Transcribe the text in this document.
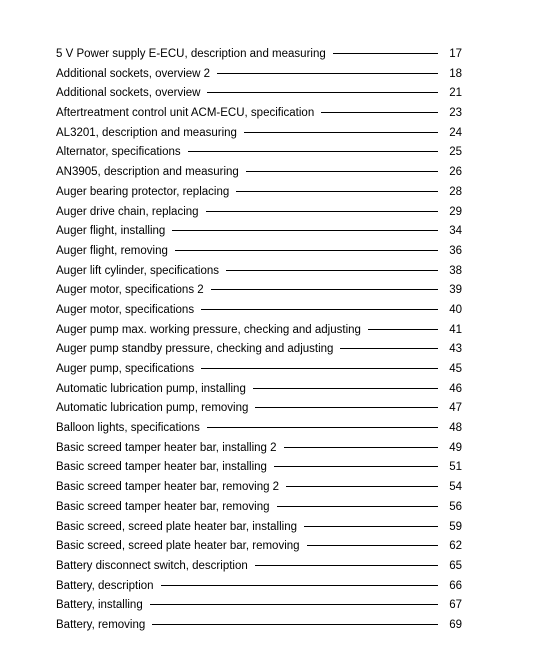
5 V Power supply E-ECU, description and measuring	17
Additional sockets, overview 2	18
Additional sockets, overview	21
Aftertreatment control unit ACM-ECU, specification	23
AL3201, description and measuring	24
Alternator, specifications	25
AN3905, description and measuring	26
Auger bearing protector, replacing	28
Auger drive chain, replacing	29
Auger flight, installing	34
Auger flight, removing	36
Auger lift cylinder, specifications	38
Auger motor, specifications 2	39
Auger motor, specifications	40
Auger pump max. working pressure, checking and adjusting	41
Auger pump standby pressure, checking and adjusting	43
Auger pump, specifications	45
Automatic lubrication pump, installing	46
Automatic lubrication pump, removing	47
Balloon lights, specifications	48
Basic screed tamper heater bar, installing 2	49
Basic screed tamper heater bar, installing	51
Basic screed tamper heater bar, removing 2	54
Basic screed tamper heater bar, removing	56
Basic screed, screed plate heater bar, installing	59
Basic screed, screed plate heater bar, removing	62
Battery disconnect switch, description	65
Battery, description	66
Battery, installing	67
Battery, removing	69
